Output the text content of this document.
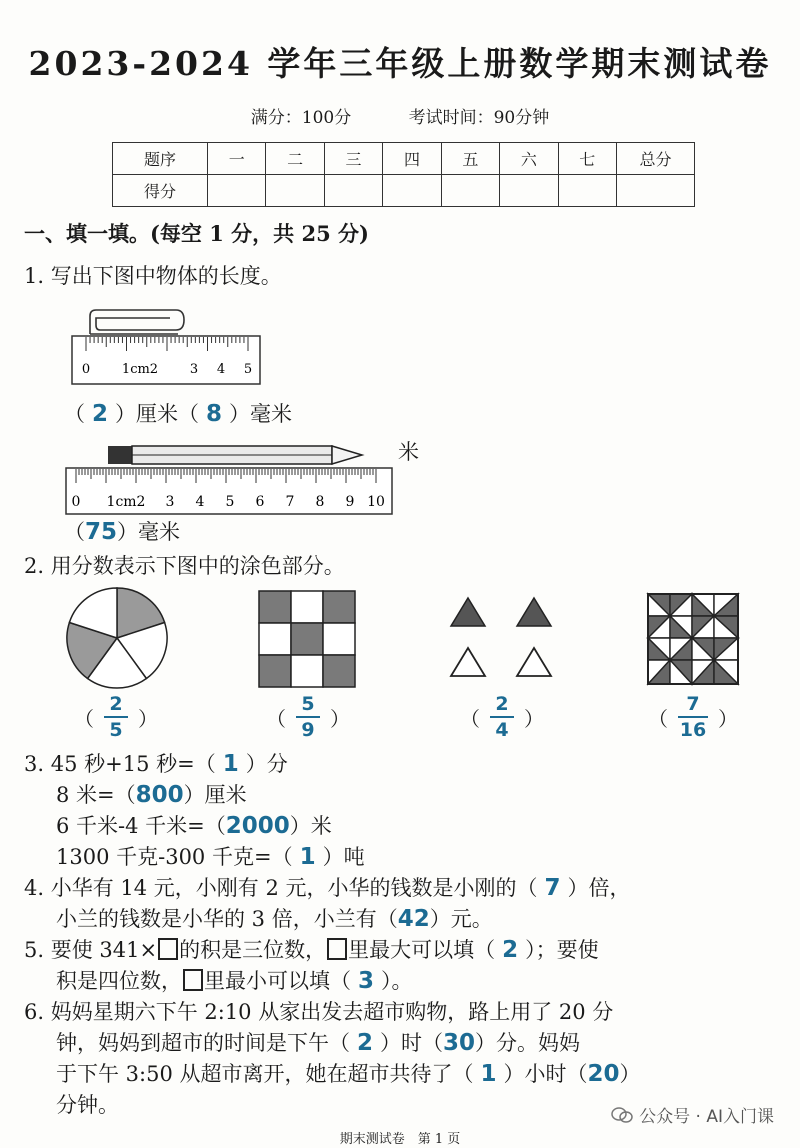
2023-2024 学年三年级上册数学期末测试卷
满分：100分	考试时间：90分钟
题序	一	二	三	四	五	六	七	总分
得分								
一、填一填。(每空 1 分，共 25 分)
1. 写出下图中物体的长度。
0 1cm2 3 4 5
（ 2 ）厘米（ 8 ）毫米
米
0 1cm2 3 4 5 6 7 8 9 10
（75）毫米
2. 用分数表示下图中的涂色部分。
（ $\frac{2}{5}$ ）	（ $\frac{5}{9}$ ）	（ $\frac{2}{4}$ ）	（ $\frac{7}{16}$ ）
3. 45 秒+15 秒=（ 1 ）分
8 米=（800）厘米
6 千米-4 千米=（2000）米
1300 千克-300 千克=（ 1 ）吨
4. 小华有 14 元，小刚有 2 元，小华的钱数是小刚的（ 7 ）倍，
小兰的钱数是小华的 3 倍，小兰有（42）元。
5. 要使 341× 的积是三位数， 里最大可以填（ 2 ）；要使
积是四位数， 里最小可以填（ 3 ）。
6. 妈妈星期六下午 2:10 从家出发去超市购物，路上用了 20 分
钟，妈妈到超市的时间是下午（ 2 ）时（30）分。妈妈
于下午 3:50 从超市离开，她在超市共待了（ 1 ）小时（20）
分钟。	公众号 · AI入门课
期末测试卷　第 1 页
